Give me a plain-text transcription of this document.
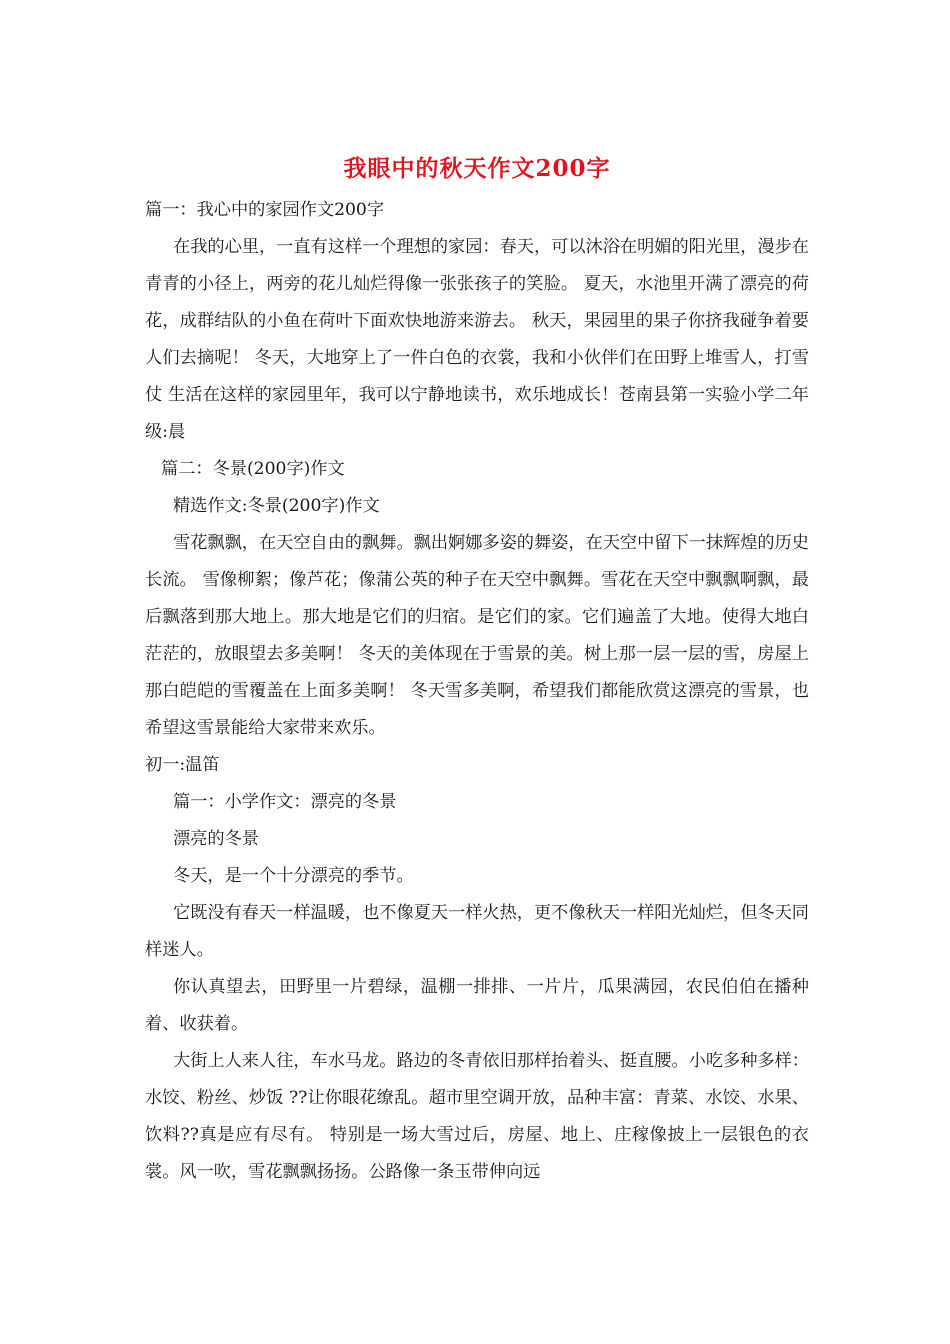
我眼中的秋天作文200字

篇一：我心中的家园作文200字

在我的心里，一直有这样一个理想的家园：春天，可以沐浴在明媚的阳光里，漫步在青青的小径上，两旁的花儿灿烂得像一张张孩子的笑脸。 夏天，水池里开满了漂亮的荷花，成群结队的小鱼在荷叶下面欢快地游来游去。 秋天，果园里的果子你挤我碰争着要人们去摘呢！ 冬天，大地穿上了一件白色的衣裳，我和小伙伴们在田野上堆雪人，打雪仗 生活在这样的家园里年，我可以宁静地读书，欢乐地成长！苍南县第一实验小学二年级:晨

篇二：冬景(200字)作文

精选作文:冬景(200字)作文

雪花飘飘，在天空自由的飘舞。飘出婀娜多姿的舞姿，在天空中留下一抹辉煌的历史长流。 雪像柳絮；像芦花；像蒲公英的种子在天空中飘舞。雪花在天空中飘飘啊飘，最后飘落到那大地上。那大地是它们的归宿。是它们的家。它们遍盖了大地。使得大地白茫茫的，放眼望去多美啊！ 冬天的美体现在于雪景的美。树上那一层一层的雪，房屋上那白皑皑的雪覆盖在上面多美啊！ 冬天雪多美啊，希望我们都能欣赏这漂亮的雪景，也希望这雪景能给大家带来欢乐。

初一:温笛

篇一：小学作文：漂亮的冬景

漂亮的冬景

冬天，是一个十分漂亮的季节。

它既没有春天一样温暖，也不像夏天一样火热，更不像秋天一样阳光灿烂，但冬天同样迷人。

你认真望去，田野里一片碧绿，温棚一排排、一片片，瓜果满园，农民伯伯在播种着、收获着。

大街上人来人往，车水马龙。路边的冬青依旧那样抬着头、挺直腰。小吃多种多样：水饺、粉丝、炒饭 ??让你眼花缭乱。超市里空调开放，品种丰富：青菜、水饺、水果、饮料??真是应有尽有。 特别是一场大雪过后，房屋、地上、庄稼像披上一层银色的衣裳。风一吹，雪花飘飘扬扬。公路像一条玉带伸向远
